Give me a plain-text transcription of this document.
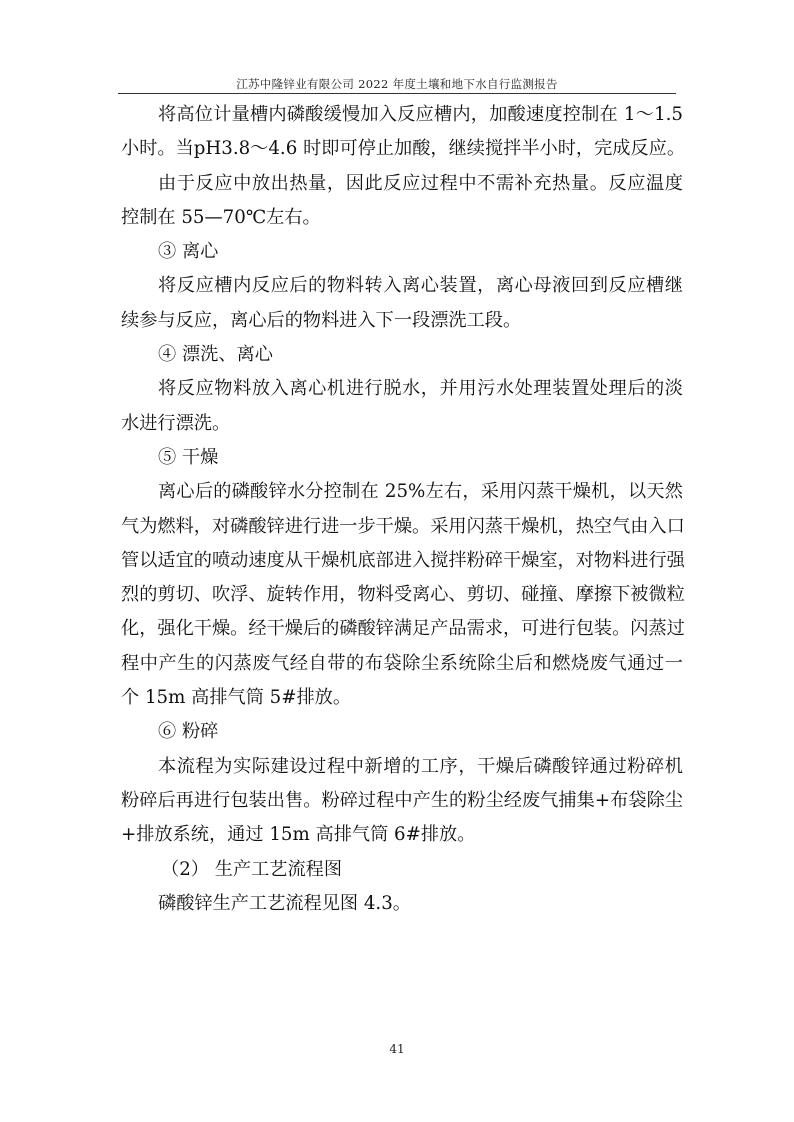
江苏中隆锌业有限公司 2022 年度土壤和地下水自行监测报告
将高位计量槽内磷酸缓慢加入反应槽内，加酸速度控制在 1～1.5
小时。当pH3.8～4.6 时即可停止加酸，继续搅拌半小时，完成反应。
由于反应中放出热量，因此反应过程中不需补充热量。反应温度
控制在 55—70℃左右。
③ 离心
将反应槽内反应后的物料转入离心装置，离心母液回到反应槽继
续参与反应，离心后的物料进入下一段漂洗工段。
④ 漂洗、离心
将反应物料放入离心机进行脱水，并用污水处理装置处理后的淡
水进行漂洗。
⑤ 干燥
离心后的磷酸锌水分控制在 25%左右，采用闪蒸干燥机，以天然
气为燃料，对磷酸锌进行进一步干燥。采用闪蒸干燥机，热空气由入口
管以适宜的喷动速度从干燥机底部进入搅拌粉碎干燥室，对物料进行强
烈的剪切、吹浮、旋转作用，物料受离心、剪切、碰撞、摩擦下被微粒
化，强化干燥。经干燥后的磷酸锌满足产品需求，可进行包装。闪蒸过
程中产生的闪蒸废气经自带的布袋除尘系统除尘后和燃烧废气通过一
个 15m 高排气筒 5#排放。
⑥ 粉碎
本流程为实际建设过程中新增的工序，干燥后磷酸锌通过粉碎机
粉碎后再进行包装出售。粉碎过程中产生的粉尘经废气捕集+布袋除尘
+排放系统，通过 15m 高排气筒 6#排放。
（2） 生产工艺流程图
磷酸锌生产工艺流程见图 4.3。
41
